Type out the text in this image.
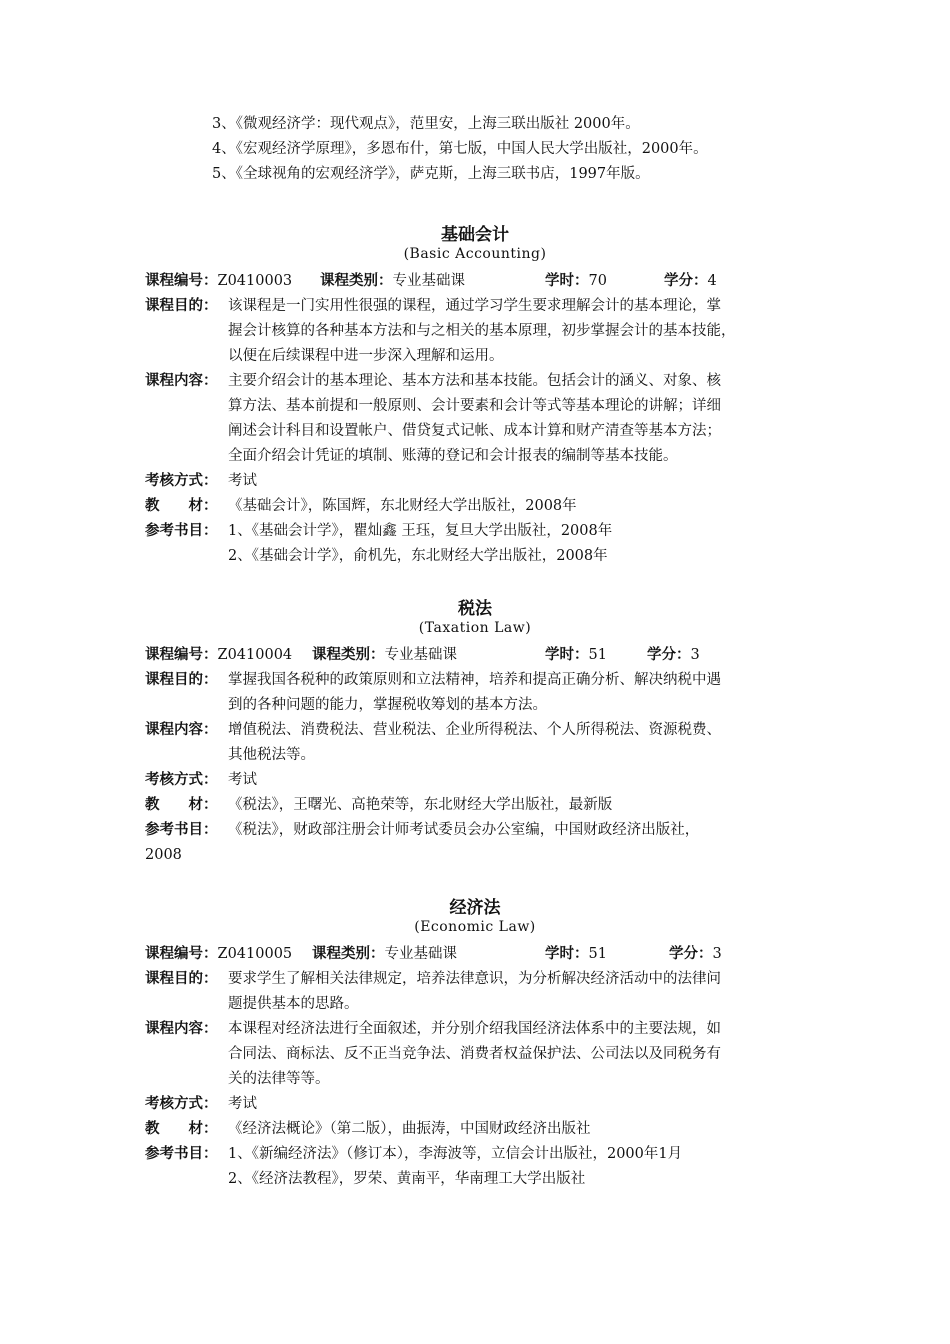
3、《微观经济学：现代观点》，范里安，上海三联出版社 2000年。
4、《宏观经济学原理》，多恩布什，第七版，中国人民大学出版社，2000年。
5、《全球视角的宏观经济学》，萨克斯，上海三联书店，1997年版。
基础会计
(Basic Accounting)
课程编号：Z0410003 课程类别：专业基础课	学时：70	学分：4
课程目的： 该课程是一门实用性很强的课程，通过学习学生要求理解会计的基本理论，掌
握会计核算的各种基本方法和与之相关的基本原理，初步掌握会计的基本技能，
以便在后续课程中进一步深入理解和运用。
课程内容： 主要介绍会计的基本理论、基本方法和基本技能。包括会计的涵义、对象、核
算方法、基本前提和一般原则、会计要素和会计等式等基本理论的讲解；详细
阐述会计科目和设置帐户、借贷复式记帐、成本计算和财产清查等基本方法；
全面介绍会计凭证的填制、账薄的登记和会计报表的编制等基本技能。
考核方式： 考试
教　　材： 《基础会计》，陈国辉，东北财经大学出版社，2008年
参考书目： 1、《基础会计学》，瞿灿鑫 王珏，复旦大学出版社，2008年
2、《基础会计学》，俞机先，东北财经大学出版社，2008年
税法
(Taxation Law)
课程编号：Z0410004 课程类别：专业基础课	学时：51	学分：3
课程目的： 掌握我国各税种的政策原则和立法精神，培养和提高正确分析、解决纳税中遇
到的各种问题的能力，掌握税收筹划的基本方法。
课程内容： 增值税法、消费税法、营业税法、企业所得税法、个人所得税法、资源税费、
其他税法等。
考核方式： 考试
教　　材： 《税法》，王曙光、高艳荣等，东北财经大学出版社，最新版
参考书目： 《税法》，财政部注册会计师考试委员会办公室编，中国财政经济出版社，
2008
经济法
(Economic Law)
课程编号：Z0410005 课程类别：专业基础课	学时：51	学分：3
课程目的： 要求学生了解相关法律规定，培养法律意识，为分析解决经济活动中的法律问
题提供基本的思路。
课程内容： 本课程对经济法进行全面叙述，并分别介绍我国经济法体系中的主要法规，如
合同法、商标法、反不正当竞争法、消费者权益保护法、公司法以及同税务有
关的法律等等。
考核方式： 考试
教　　材： 《经济法概论》（第二版），曲振涛，中国财政经济出版社
参考书目： 1、《新编经济法》（修订本），李海波等，立信会计出版社，2000年1月
2、《经济法教程》，罗荣、黄南平，华南理工大学出版社
